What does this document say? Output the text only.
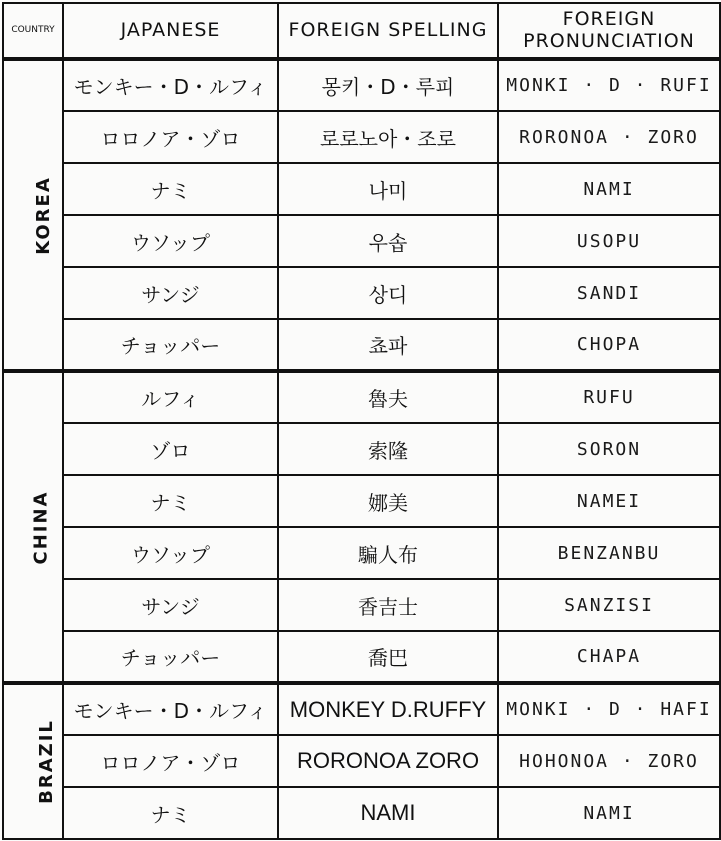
COUNTRY	JAPANESE	FOREIGN SPELLING	FOREIGN
PRONUNCIATION

KOREA	モンキー・D・ルフィ	몽키・D・루피	MONKI · D · RUFI
	ロロノア・ゾロ	로로노아・조로	RORONOA · ZORO
	ナミ	나미	NAMI
	ウソップ	우솝	USOPU
	サンジ	상디	SANDI
	チョッパー	쵸파	CHOPA
CHINA	ルフィ	魯夫	RUFU
	ゾロ	索隆	SORON
	ナミ	娜美	NAMEI
	ウソップ	騙人布	BENZANBU
	サンジ	香吉士	SANZISI
	チョッパー	喬巴	CHAPA
BRAZIL	モンキー・D・ルフィ	MONKEY D.RUFFY	MONKI · D · HAFI
	ロロノア・ゾロ	RORONOA ZORO	HOHONOA · ZORO
	ナミ	NAMI	NAMI
